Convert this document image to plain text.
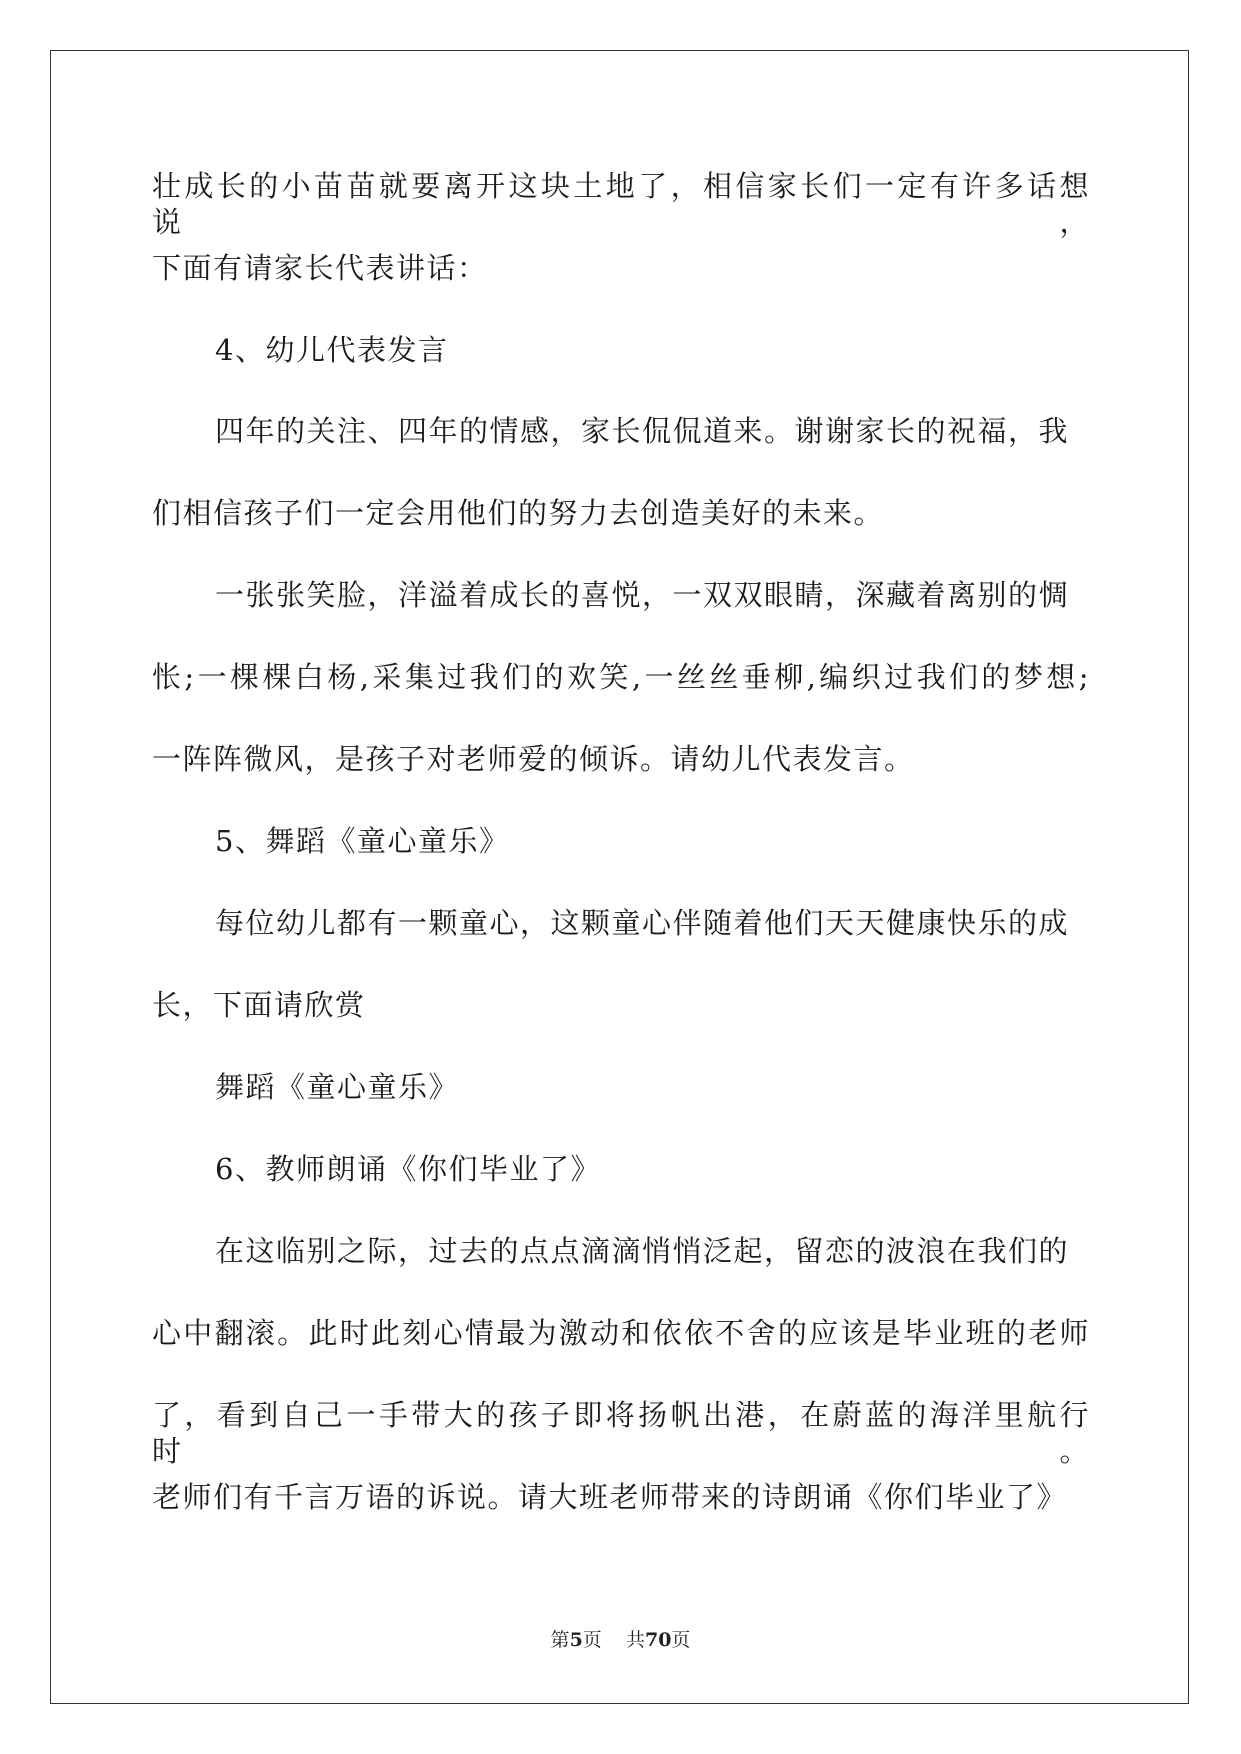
壮成长的小苗苗就要离开这块土地了，相信家长们一定有许多话想说，
下面有请家长代表讲话：
4、幼儿代表发言
四年的关注、四年的情感，家长侃侃道来。谢谢家长的祝福，我
们相信孩子们一定会用他们的努力去创造美好的未来。
一张张笑脸，洋溢着成长的喜悦，一双双眼睛，深藏着离别的惆
怅;一棵棵白杨,采集过我们的欢笑,一丝丝垂柳,编织过我们的梦想;
一阵阵微风，是孩子对老师爱的倾诉。请幼儿代表发言。
5、舞蹈《童心童乐》
每位幼儿都有一颗童心，这颗童心伴随着他们天天健康快乐的成
长，下面请欣赏
舞蹈《童心童乐》
6、教师朗诵《你们毕业了》
在这临别之际，过去的点点滴滴悄悄泛起，留恋的波浪在我们的
心中翻滚。此时此刻心情最为激动和依依不舍的应该是毕业班的老师
了，看到自己一手带大的孩子即将扬帆出港，在蔚蓝的海洋里航行时。
老师们有千言万语的诉说。请大班老师带来的诗朗诵《你们毕业了》
第5页    共70页
